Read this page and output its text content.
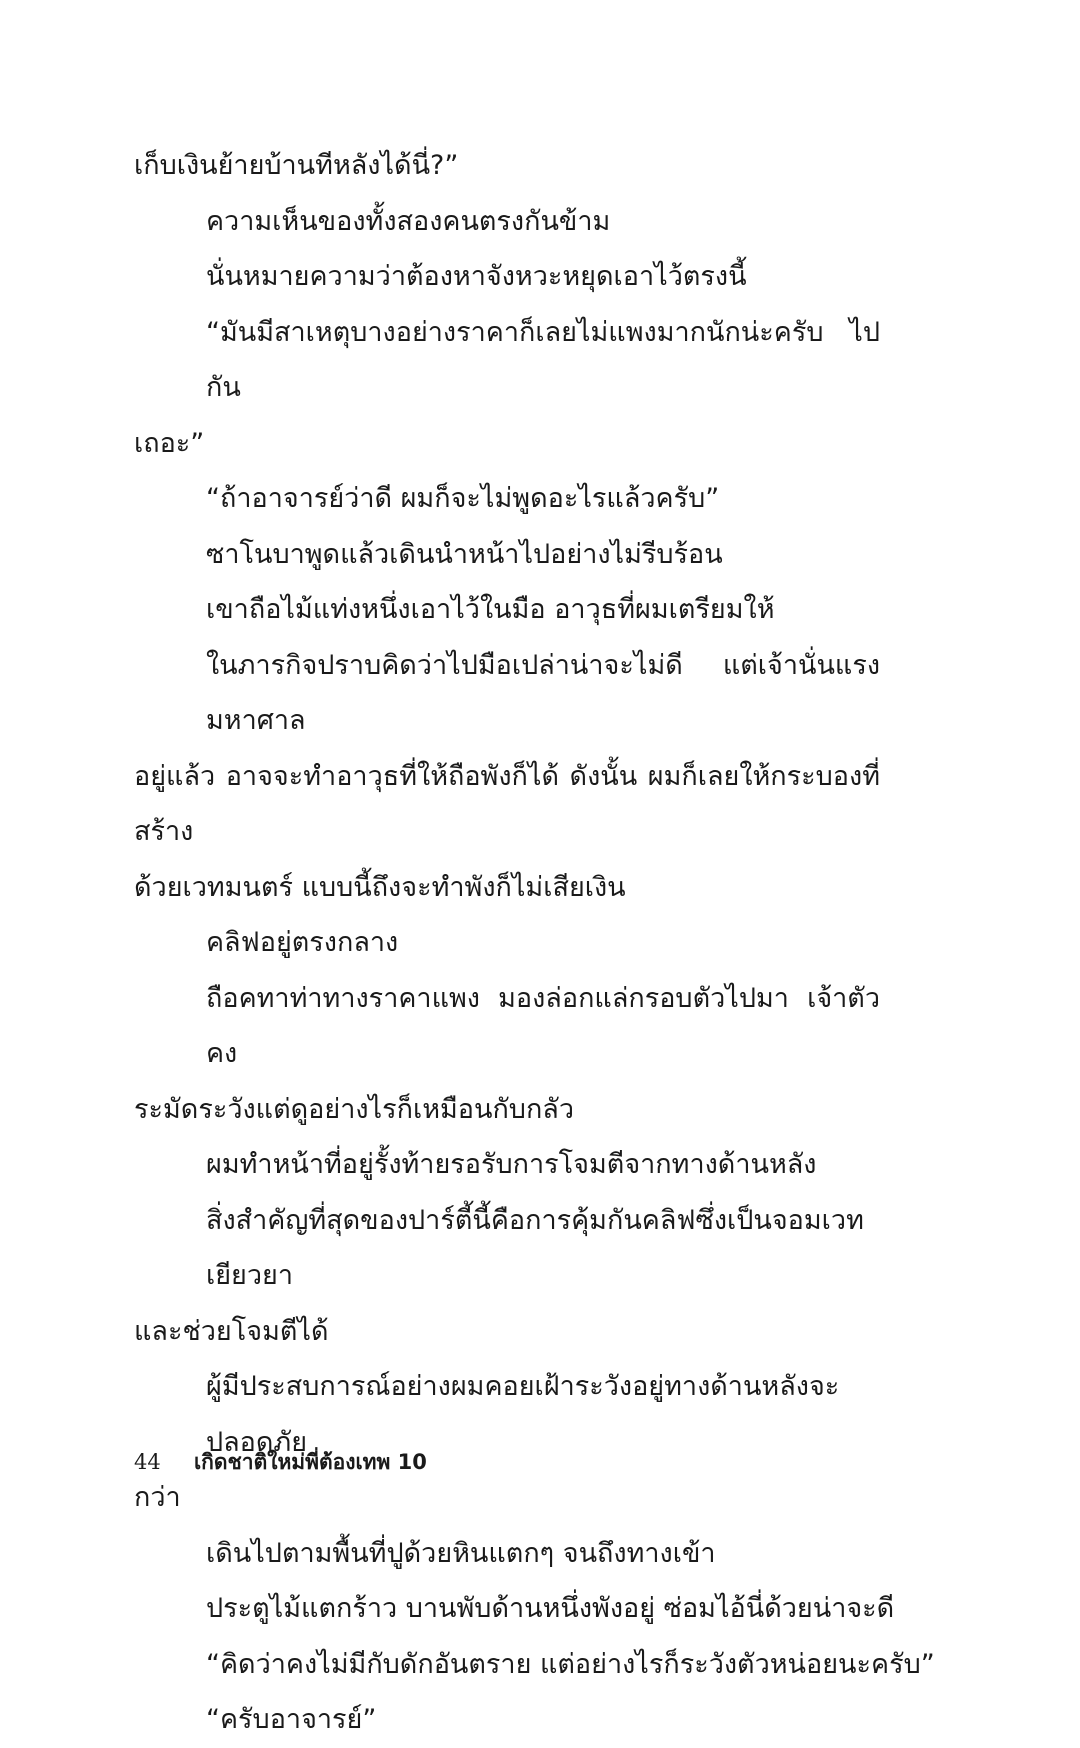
เก็บเงินย้ายบ้านทีหลังได้นี่?”

ความเห็นของทั้งสองคนตรงกันข้าม

นั่นหมายความว่าต้องหาจังหวะหยุดเอาไว้ตรงนี้

“มันมีสาเหตุบางอย่างราคาก็เลยไม่แพงมากนักน่ะครับ ไปกัน

เถอะ”

“ถ้าอาจารย์ว่าดี ผมก็จะไม่พูดอะไรแล้วครับ”

ซาโนบาพูดแล้วเดินนำหน้าไปอย่างไม่รีบร้อน

เขาถือไม้แท่งหนึ่งเอาไว้ในมือ อาวุธที่ผมเตรียมให้

ในภารกิจปราบคิดว่าไปมือเปล่าน่าจะไม่ดี แต่เจ้านั่นแรงมหาศาล

อยู่แล้ว อาจจะทำอาวุธที่ให้ถือพังก็ได้ ดังนั้น ผมก็เลยให้กระบองที่สร้าง

ด้วยเวทมนตร์ แบบนี้ถึงจะทำพังก็ไม่เสียเงิน

คลิฟอยู่ตรงกลาง

ถือคทาท่าทางราคาแพง มองล่อกแล่กรอบตัวไปมา เจ้าตัวคง

ระมัดระวังแต่ดูอย่างไรก็เหมือนกับกลัว

ผมทำหน้าที่อยู่รั้งท้ายรอรับการโจมตีจากทางด้านหลัง

สิ่งสำคัญที่สุดของปาร์ตี้นี้คือการคุ้มกันคลิฟซึ่งเป็นจอมเวทเยียวยา

และช่วยโจมตีได้

ผู้มีประสบการณ์อย่างผมคอยเฝ้าระวังอยู่ทางด้านหลังจะปลอดภัย

กว่า

เดินไปตามพื้นที่ปูด้วยหินแตกๆ จนถึงทางเข้า

ประตูไม้แตกร้าว บานพับด้านหนึ่งพังอยู่ ซ่อมไอ้นี่ด้วยน่าจะดี

“คิดว่าคงไม่มีกับดักอันตราย แต่อย่างไรก็ระวังตัวหน่อยนะครับ”

“ครับอาจารย์”

44 เกิดชาติใหม่พี่ต้องเทพ 10
